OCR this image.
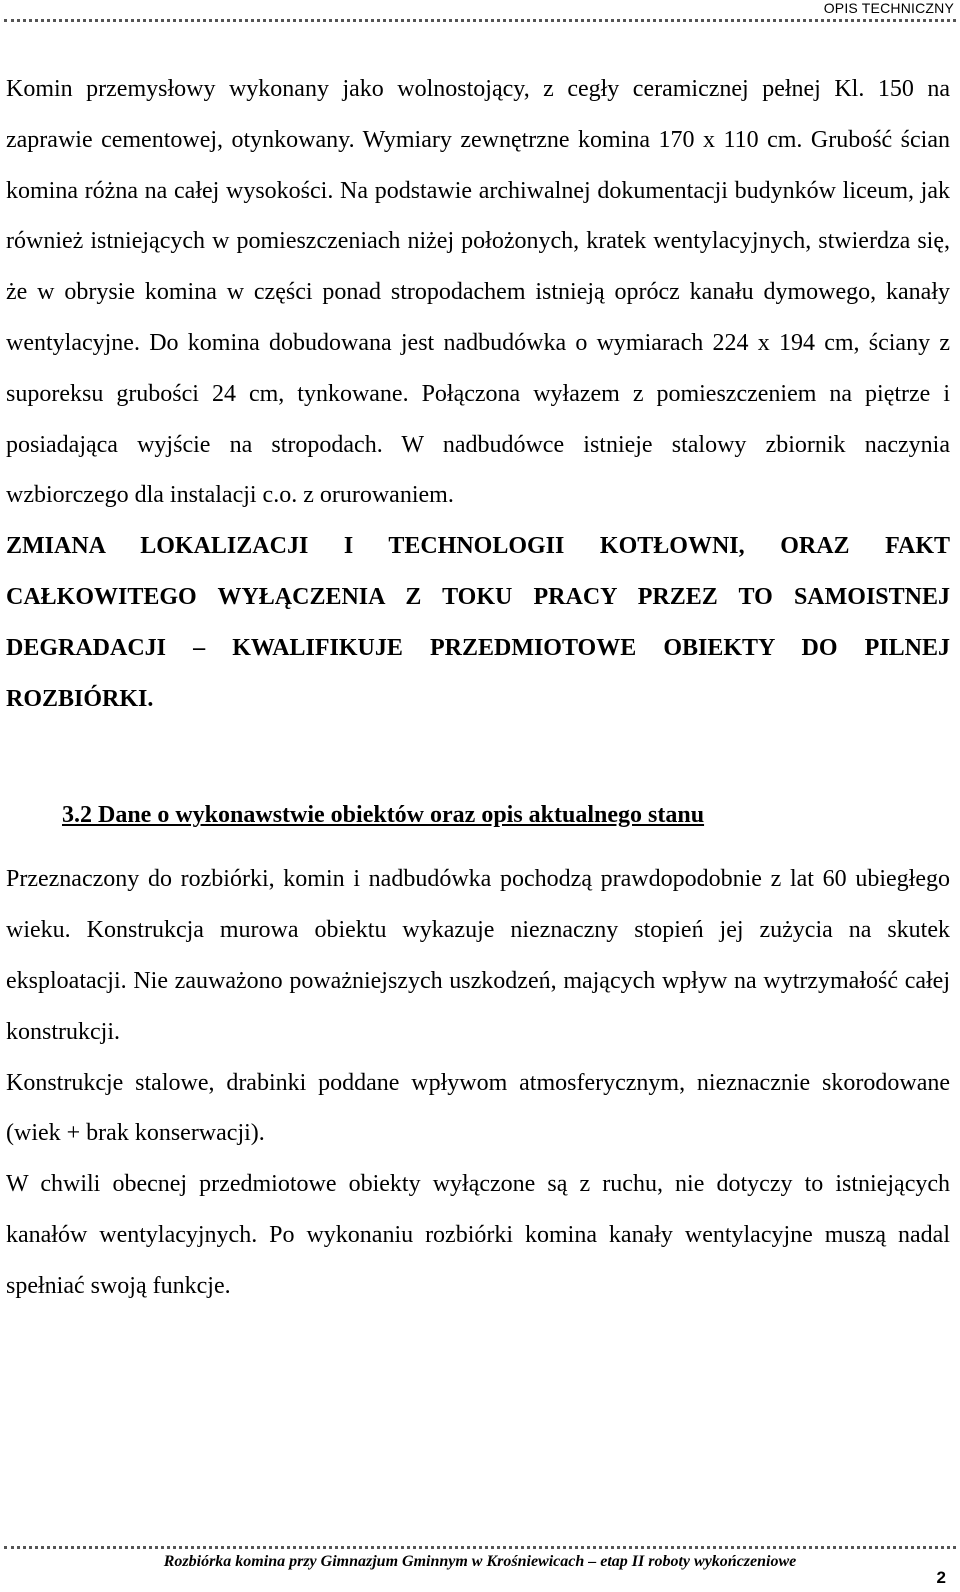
OPIS TECHNICZNY

Komin przemysłowy wykonany jako wolnostojący, z cegły ceramicznej pełnej Kl. 150 na zaprawie cementowej, otynkowany. Wymiary zewnętrzne komina 170 x 110 cm. Grubość ścian komina różna na całej wysokości. Na podstawie archiwalnej dokumentacji budynków liceum, jak również istniejących w pomieszczeniach niżej położonych, kratek wentylacyjnych, stwierdza się, że w obrysie komina w części ponad stropodachem istnieją oprócz kanału dymowego, kanały wentylacyjne. Do komina dobudowana jest nadbudówka o wymiarach 224 x 194 cm, ściany z suporeksu grubości 24 cm, tynkowane. Połączona wyłazem z pomieszczeniem na piętrze i posiadająca wyjście na stropodach. W nadbudówce istnieje stalowy zbiornik naczynia wzbiorczego dla instalacji c.o. z orurowaniem.

ZMIANA LOKALIZACJI I TECHNOLOGII KOTŁOWNI, ORAZ FAKT CAŁKOWITEGO WYŁĄCZENIA Z TOKU PRACY PRZEZ TO SAMOISTNEJ DEGRADACJI – KWALIFIKUJE PRZEDMIOTOWE OBIEKTY DO PILNEJ ROZBIÓRKI.

3.2 Dane o wykonawstwie obiektów oraz opis aktualnego stanu

Przeznaczony do rozbiórki, komin i nadbudówka pochodzą prawdopodobnie z lat 60 ubiegłego wieku. Konstrukcja murowa obiektu wykazuje nieznaczny stopień jej zużycia na skutek eksploatacji. Nie zauważono poważniejszych uszkodzeń, mających wpływ na wytrzymałość całej konstrukcji.

Konstrukcje stalowe, drabinki poddane wpływom atmosferycznym, nieznacznie skorodowane (wiek + brak konserwacji).

W chwili obecnej przedmiotowe obiekty wyłączone są z ruchu, nie dotyczy to istniejących kanałów wentylacyjnych. Po wykonaniu rozbiórki komina kanały wentylacyjne muszą nadal spełniać swoją funkcje.

Rozbiórka komina przy Gimnazjum Gminnym w Krośniewicach – etap II roboty wykończeniowe
2
